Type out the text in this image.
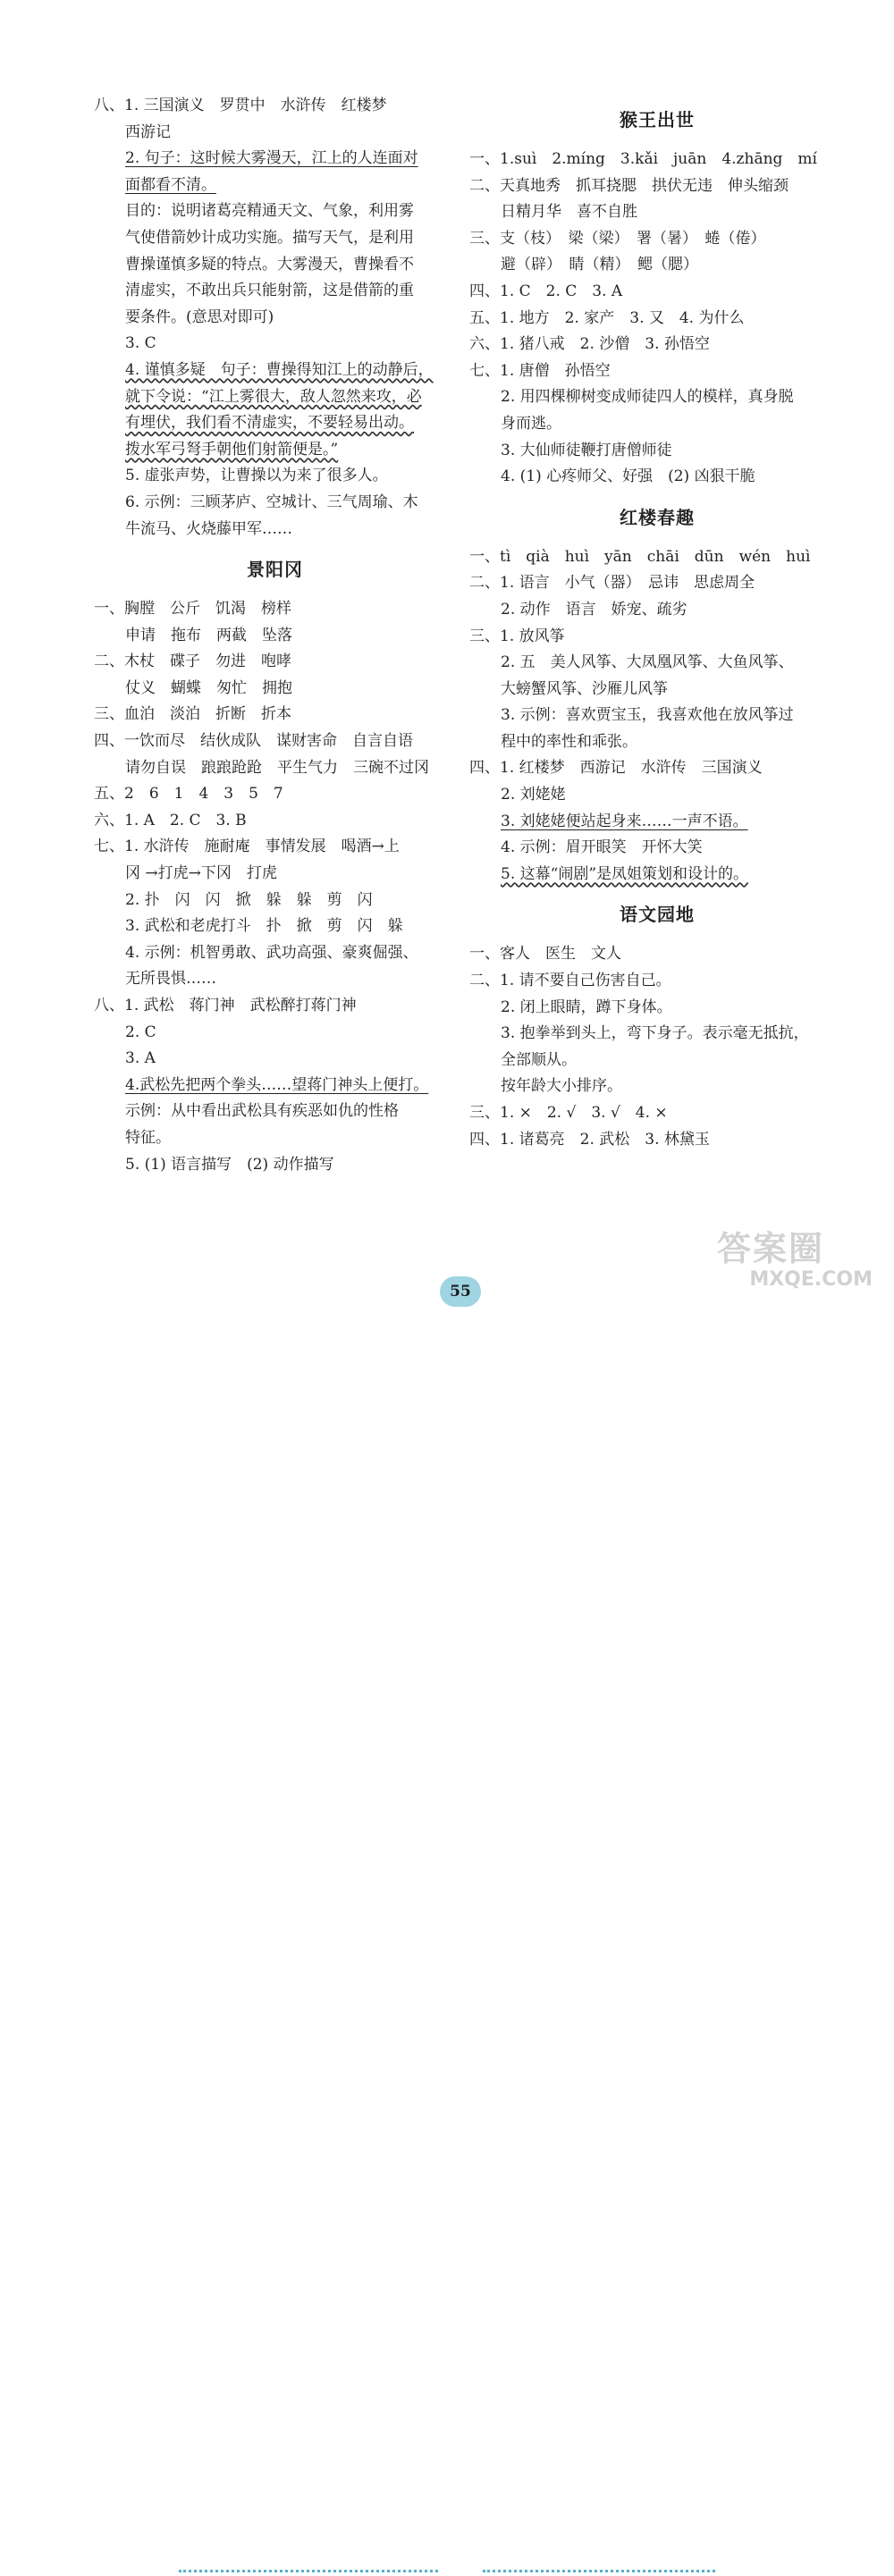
八、1. 三国演义　罗贯中　水浒传　红楼梦
西游记
2. 句子：这时候大雾漫天，江上的人连面对
面都看不清。
目的：说明诸葛亮精通天文、气象，利用雾
气使借箭妙计成功实施。描写天气，是利用
曹操谨慎多疑的特点。大雾漫天，曹操看不
清虚实，不敢出兵只能射箭，这是借箭的重
要条件。(意思对即可)
3. C
4. 谨慎多疑　句子：曹操得知江上的动静后，
就下令说：“江上雾很大，敌人忽然来攻，必
有埋伏，我们看不清虚实，不要轻易出动。
拨水军弓弩手朝他们射箭便是。”
5. 虚张声势，让曹操以为来了很多人。
6. 示例：三顾茅庐、空城计、三气周瑜、木
牛流马、火烧藤甲军……
景阳冈
一、胸膛　公斤　饥渴　榜样
申请　拖布　两截　坠落
二、木杖　碟子　勿进　咆哮
仗义　蝴蝶　匆忙　拥抱
三、血泊　淡泊　折断　折本
四、一饮而尽　结伙成队　谋财害命　自言自语
请勿自误　踉踉跄跄　平生气力　三碗不过冈
五、2　6　1　4　3　5　7
六、1. A　2. C　3. B
七、1. 水浒传　施耐庵　事情发展　喝酒→上
冈 →打虎→下冈　打虎
2. 扑　闪　闪　掀　躲　躲　剪　闪
3. 武松和老虎打斗　扑　掀　剪　闪　躲
4. 示例：机智勇敢、武功高强、豪爽倔强、
无所畏惧……
八、1. 武松　蒋门神　武松醉打蒋门神
2. C
3. A
4.武松先把两个拳头……望蒋门神头上便打。
示例：从中看出武松具有疾恶如仇的性格
特征。
5. (1) 语言描写　(2) 动作描写
猴王出世
一、1.suì　2.míng　3.kǎi　juān　4.zhāng　mí
二、天真地秀　抓耳挠腮　拱伏无违　伸头缩颈
日精月华　喜不自胜
三、支（枝）　梁（梁）　署（暑）　蜷（倦）
避（辟）　睛（精）　鳃（腮）
四、1. C　2. C　3. A
五、1. 地方　2. 家产　3. 又　4. 为什么
六、1. 猪八戒　2. 沙僧　3. 孙悟空
七、1. 唐僧　孙悟空
2. 用四棵柳树变成师徒四人的模样，真身脱
身而逃。
3. 大仙师徒鞭打唐僧师徒
4. (1) 心疼师父、好强　(2) 凶狠干脆
红楼春趣
一、tì　qià　huì　yān　chāi　dūn　wén　huì
二、1. 语言　小气（器）　忌讳　思虑周全
2. 动作　语言　娇宠、疏劣
三、1. 放风筝
2. 五　美人风筝、大凤凰风筝、大鱼风筝、
大螃蟹风筝、沙雁儿风筝
3. 示例：喜欢贾宝玉，我喜欢他在放风筝过
程中的率性和乖张。
四、1. 红楼梦　西游记　水浒传　三国演义
2. 刘姥姥
3. 刘姥姥便站起身来……一声不语。
4. 示例：眉开眼笑　开怀大笑
5. 这幕“闹剧”是凤姐策划和设计的。
语文园地
一、客人　医生　文人
二、1. 请不要自己伤害自己。
2. 闭上眼睛，蹲下身体。
3. 抱拳举到头上，弯下身子。表示毫无抵抗，
全部顺从。
按年龄大小排序。
三、1. ×　2. √　3. √　4. ×
四、1. 诸葛亮　2. 武松　3. 林黛玉
55
答案圈
MXQE.COM
